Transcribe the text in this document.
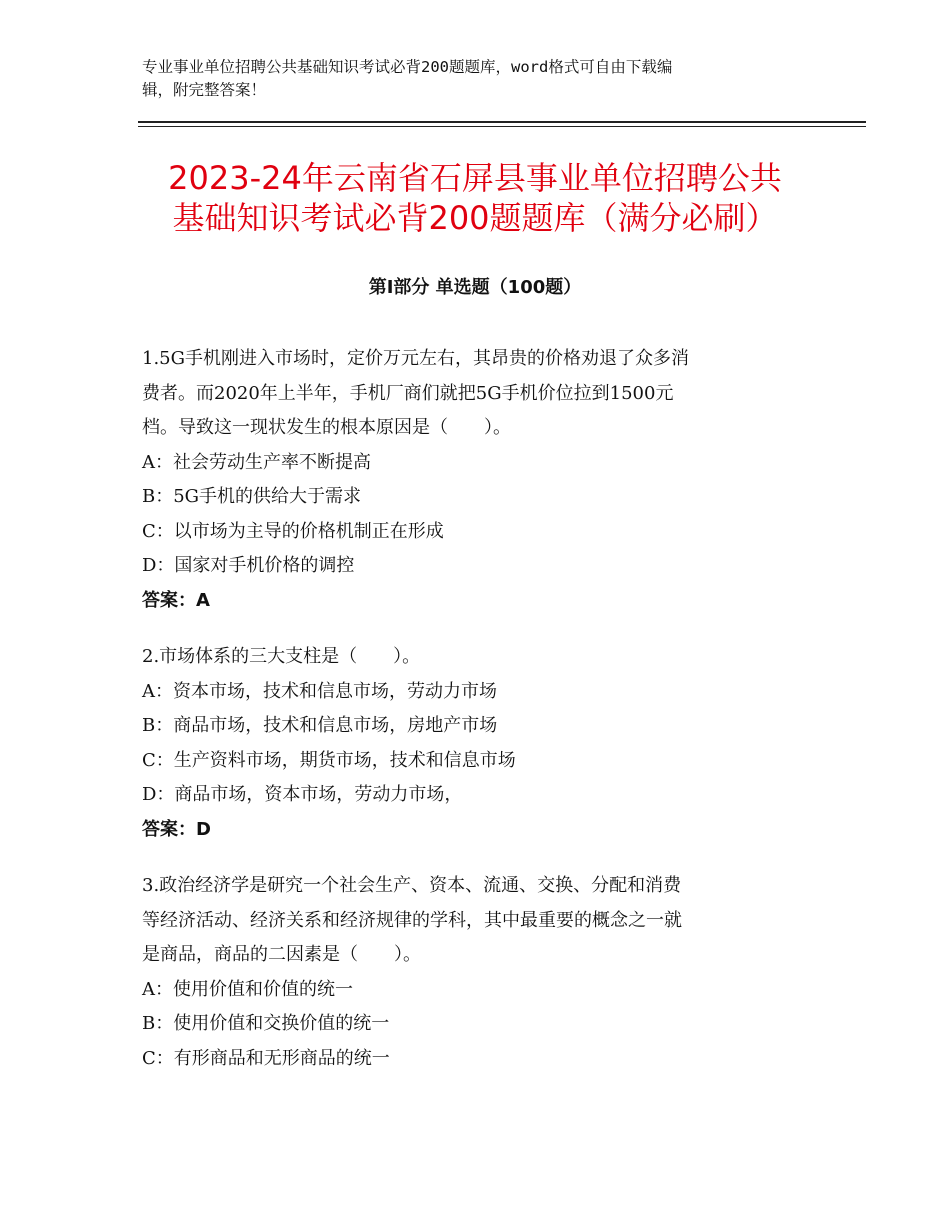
专业事业单位招聘公共基础知识考试必背200题题库，word格式可自由下载编
辑，附完整答案！
2023-24年云南省石屏县事业单位招聘公共
基础知识考试必背200题题库（满分必刷）
第Ⅰ部分 单选题（100题）
1.5G手机刚进入市场时，定价万元左右，其昂贵的价格劝退了众多消
费者。而2020年上半年，手机厂商们就把5G手机价位拉到1500元
档。导致这一现状发生的根本原因是（　　）。
A：社会劳动生产率不断提高
B：5G手机的供给大于需求
C：以市场为主导的价格机制正在形成
D：国家对手机价格的调控
答案：A
2.市场体系的三大支柱是（　　）。
A：资本市场，技术和信息市场，劳动力市场
B：商品市场，技术和信息市场，房地产市场
C：生产资料市场，期货市场，技术和信息市场
D：商品市场，资本市场，劳动力市场，
答案：D
3.政治经济学是研究一个社会生产、资本、流通、交换、分配和消费
等经济活动、经济关系和经济规律的学科，其中最重要的概念之一就
是商品，商品的二因素是（　　）。
A：使用价值和价值的统一
B：使用价值和交换价值的统一
C：有形商品和无形商品的统一
